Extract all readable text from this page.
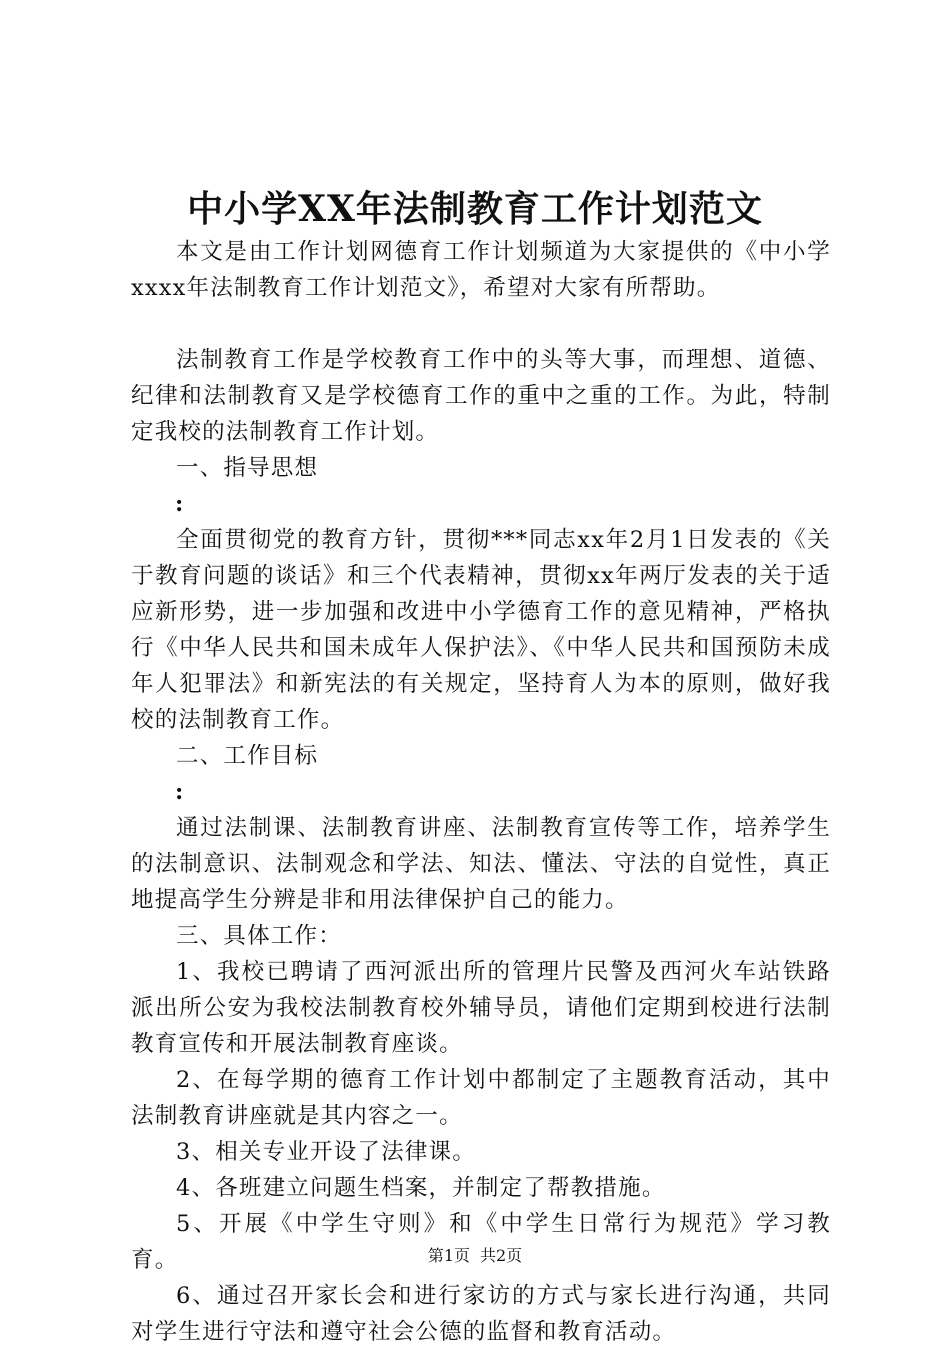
中小学XX年法制教育工作计划范文

本文是由工作计划网德育工作计划频道为大家提供的《中小学xxxx年法制教育工作计划范文》，希望对大家有所帮助。

法制教育工作是学校教育工作中的头等大事，而理想、道德、纪律和法制教育又是学校德育工作的重中之重的工作。为此，特制定我校的法制教育工作计划。

一、指导思想

:

全面贯彻党的教育方针，贯彻***同志xx年2月1日发表的《关于教育问题的谈话》和三个代表精神，贯彻xx年两厅发表的关于适应新形势，进一步加强和改进中小学德育工作的意见精神，严格执行《中华人民共和国未成年人保护法》、《中华人民共和国预防未成年人犯罪法》和新宪法的有关规定，坚持育人为本的原则，做好我校的法制教育工作。

二、工作目标

:

通过法制课、法制教育讲座、法制教育宣传等工作，培养学生的法制意识、法制观念和学法、知法、懂法、守法的自觉性，真正地提高学生分辨是非和用法律保护自己的能力。

三、具体工作：

1、我校已聘请了西河派出所的管理片民警及西河火车站铁路派出所公安为我校法制教育校外辅导员，请他们定期到校进行法制教育宣传和开展法制教育座谈。

2、在每学期的德育工作计划中都制定了主题教育活动，其中法制教育讲座就是其内容之一。

3、相关专业开设了法律课。

4、各班建立问题生档案，并制定了帮教措施。

5、开展《中学生守则》和《中学生日常行为规范》学习教育。

6、通过召开家长会和进行家访的方式与家长进行沟通，共同对学生进行守法和遵守社会公德的监督和教育活动。

第1页 共2页
